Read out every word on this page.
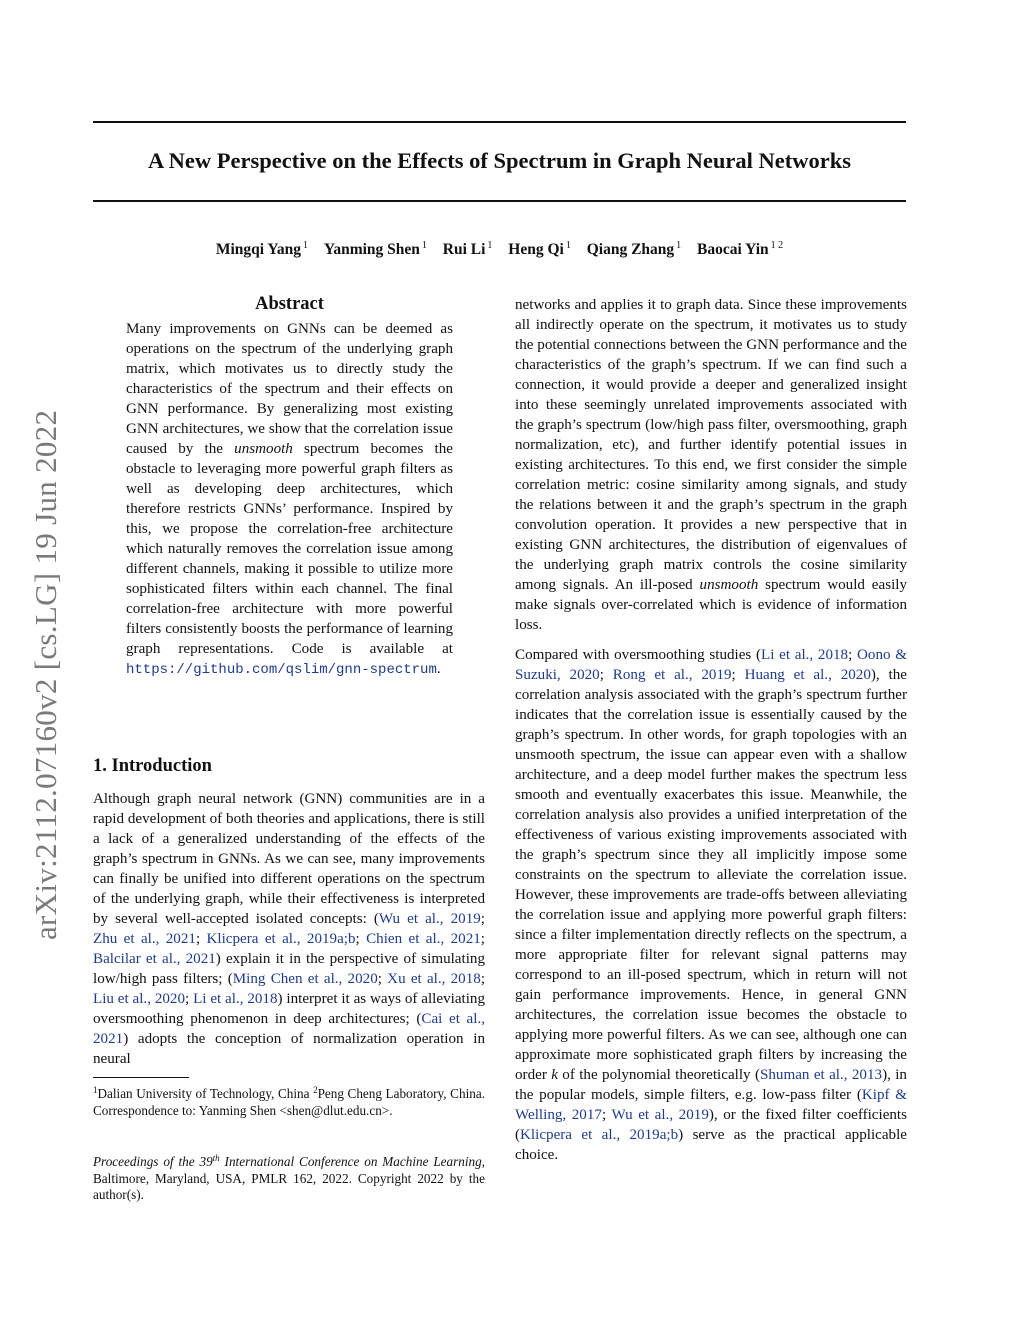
A New Perspective on the Effects of Spectrum in Graph Neural Networks
Mingqi Yang $^1$ Yanming Shen $^1$ Rui Li $^1$ Heng Qi $^1$ Qiang Zhang $^1$ Baocai Yin $^{1 2}$
arXiv:2112.07160v2 [cs.LG] 19 Jun 2022
Abstract
Many improvements on GNNs can be deemed as operations on the spectrum of the underlying graph matrix, which motivates us to directly study the characteristics of the spectrum and their effects on GNN performance. By generalizing most existing GNN architectures, we show that the correlation issue caused by the unsmooth spectrum becomes the obstacle to leveraging more powerful graph filters as well as developing deep architectures, which therefore restricts GNNs’ performance. Inspired by this, we propose the correlation-free architecture which naturally removes the correlation issue among different channels, making it possible to utilize more sophisticated filters within each channel. The final correlation-free architecture with more powerful filters consistently boosts the performance of learning graph representations. Code is available at https://github.com/qslim/gnn-spectrum.
1. Introduction
Although graph neural network (GNN) communities are in a rapid development of both theories and applications, there is still a lack of a generalized understanding of the effects of the graph’s spectrum in GNNs. As we can see, many improvements can finally be unified into different operations on the spectrum of the underlying graph, while their effectiveness is interpreted by several well-accepted isolated concepts: (Wu et al., 2019; Zhu et al., 2021; Klicpera et al., 2019a;b; Chien et al., 2021; Balcilar et al., 2021) explain it in the perspective of simulating low/high pass filters; (Ming Chen et al., 2020; Xu et al., 2018; Liu et al., 2020; Li et al., 2018) interpret it as ways of alleviating oversmoothing phenomenon in deep architectures; (Cai et al., 2021) adopts the conception of normalization operation in neural
$^1$Dalian University of Technology, China $^2$Peng Cheng Laboratory, China. Correspondence to: Yanming Shen <shen@dlut.edu.cn>.
Proceedings of the 39th International Conference on Machine Learning, Baltimore, Maryland, USA, PMLR 162, 2022. Copyright 2022 by the author(s).
networks and applies it to graph data. Since these improvements all indirectly operate on the spectrum, it motivates us to study the potential connections between the GNN performance and the characteristics of the graph’s spectrum. If we can find such a connection, it would provide a deeper and generalized insight into these seemingly unrelated improvements associated with the graph’s spectrum (low/high pass filter, oversmoothing, graph normalization, etc), and further identify potential issues in existing architectures. To this end, we first consider the simple correlation metric: cosine similarity among signals, and study the relations between it and the graph’s spectrum in the graph convolution operation. It provides a new perspective that in existing GNN architectures, the distribution of eigenvalues of the underlying graph matrix controls the cosine similarity among signals. An ill-posed unsmooth spectrum would easily make signals over-correlated which is evidence of information loss.
Compared with oversmoothing studies (Li et al., 2018; Oono & Suzuki, 2020; Rong et al., 2019; Huang et al., 2020), the correlation analysis associated with the graph’s spectrum further indicates that the correlation issue is essentially caused by the graph’s spectrum. In other words, for graph topologies with an unsmooth spectrum, the issue can appear even with a shallow architecture, and a deep model further makes the spectrum less smooth and eventually exacerbates this issue. Meanwhile, the correlation analysis also provides a unified interpretation of the effectiveness of various existing improvements associated with the graph’s spectrum since they all implicitly impose some constraints on the spectrum to alleviate the correlation issue. However, these improvements are trade-offs between alleviating the correlation issue and applying more powerful graph filters: since a filter implementation directly reflects on the spectrum, a more appropriate filter for relevant signal patterns may correspond to an ill-posed spectrum, which in return will not gain performance improvements. Hence, in general GNN architectures, the correlation issue becomes the obstacle to applying more powerful filters. As we can see, although one can approximate more sophisticated graph filters by increasing the order k of the polynomial theoretically (Shuman et al., 2013), in the popular models, simple filters, e.g. low-pass filter (Kipf & Welling, 2017; Wu et al., 2019), or the fixed filter coefficients (Klicpera et al., 2019a;b) serve as the practical applicable choice.
